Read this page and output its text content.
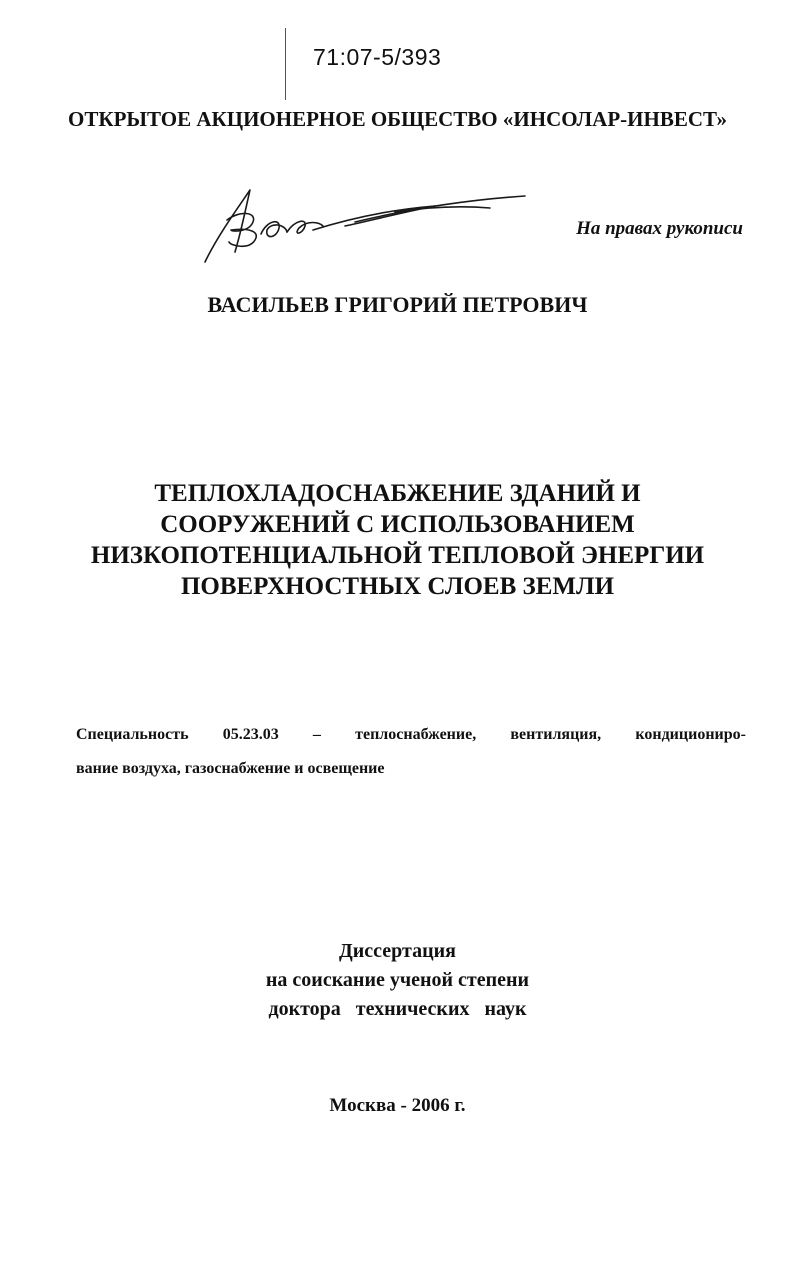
71:07-5/393
ОТКРЫТОЕ АКЦИОНЕРНОЕ ОБЩЕСТВО «ИНСОЛАР-ИНВЕСТ»
На правах рукописи
ВАСИЛЬЕВ ГРИГОРИЙ ПЕТРОВИЧ
ТЕПЛОХЛАДОСНАБЖЕНИЕ ЗДАНИЙ И
СООРУЖЕНИЙ С ИСПОЛЬЗОВАНИЕМ
НИЗКОПОТЕНЦИАЛЬНОЙ ТЕПЛОВОЙ ЭНЕРГИИ
ПОВЕРХНОСТНЫХ СЛОЕВ ЗЕМЛИ
Специальность 05.23.03 – теплоснабжение, вентиляция, кондициониро-
вание воздуха, газоснабжение и освещение
Диссертация
на соискание ученой степени
доктора технических наук
Москва - 2006 г.
